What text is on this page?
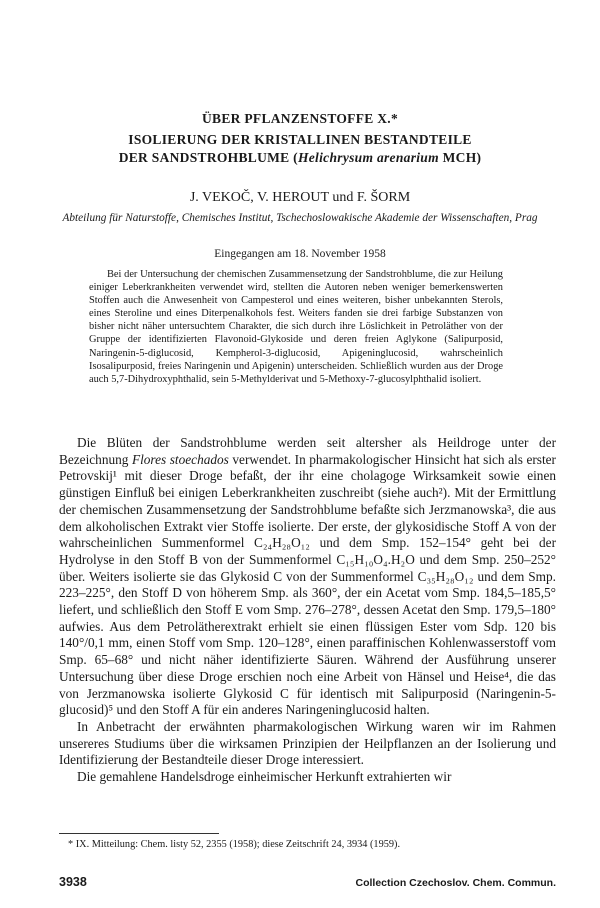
ÜBER PFLANZENSTOFFE X.*
ISOLIERUNG DER KRISTALLINEN BESTANDTEILE
DER SANDSTROHBLUME (Helichrysum arenarium MCH)
J. VEKOČ, V. HEROUT und F. ŠORM
Abteilung für Naturstoffe, Chemisches Institut, Tschechoslowakische Akademie der Wissenschaften, Prag
Eingegangen am 18. November 1958
Bei der Untersuchung der chemischen Zusammensetzung der Sandstrohblume, die zur Heilung einiger Leberkrankheiten verwendet wird, stellten die Autoren neben weniger bemerkenswerten Stoffen auch die Anwesenheit von Campesterol und eines weiteren, bisher unbekannten Sterols, eines Steroline und eines Diterpenalkohols fest. Weiters fanden sie drei farbige Substanzen von bisher nicht näher untersuchtem Charakter, die sich durch ihre Löslichkeit in Petroläther von der Gruppe der identifizierten Flavonoid-Glykoside und deren freien Aglykone (Salipurposid, Naringenin-5-diglucosid, Kempherol-3-diglucosid, Apigeninglucosid, wahrscheinlich Isosalipurposid, freies Naringenin und Apigenin) unterscheiden. Schließlich wurden aus der Droge auch 5,7-Dihydroxyphthalid, sein 5-Methylderivat und 5-Methoxy-7-glucosylphthalid isoliert.

Die Blüten der Sandstrohblume werden seit altersher als Heildroge unter der Bezeichnung Flores stoechados verwendet. In pharmakologischer Hinsicht hat sich als erster Petrovskij¹ mit dieser Droge befaßt, der ihr eine cholagoge Wirksamkeit sowie einen günstigen Einfluß bei einigen Leberkrankheiten zuschreibt (siehe auch²). Mit der Ermittlung der chemischen Zusammensetzung der Sandstrohblume befaßte sich Jerzmanowska³, die aus dem alkoholischen Extrakt vier Stoffe isolierte. Der erste, der glykosidische Stoff A von der wahrscheinlichen Summenformel C₂₄H₂₈O₁₂ und dem Smp. 152–154° geht bei der Hydrolyse in den Stoff B von der Summenformel C₁₅H₁₀O₄.H₂O und dem Smp. 250–252° über. Weiters isolierte sie das Glykosid C von der Summenformel C₃₅H₂₈O₁₂ und dem Smp. 223–225°, den Stoff D von höherem Smp. als 360°, der ein Acetat vom Smp. 184,5–185,5° liefert, und schließlich den Stoff E vom Smp. 276–278°, dessen Acetat den Smp. 179,5–180° aufwies. Aus dem Petrolätherextrakt erhielt sie einen flüssigen Ester vom Sdp. 120 bis 140°/0,1 mm, einen Stoff vom Smp. 120–128°, einen paraffinischen Kohlenwasserstoff vom Smp. 65–68° und nicht näher identifizierte Säuren. Während der Ausführung unserer Untersuchung über diese Droge erschien noch eine Arbeit von Hänsel und Heise⁴, die das von Jerzmanowska isolierte Glykosid C für identisch mit Salipurposid (Naringenin-5-glucosid)⁵ und den Stoff A für ein anderes Naringeninglucosid halten.

In Anbetracht der erwähnten pharmakologischen Wirkung waren wir im Rahmen unsereres Studiums über die wirksamen Prinzipien der Heilpflanzen an der Isolierung und Identifizierung der Bestandteile dieser Droge interessiert.

Die gemahlene Handelsdroge einheimischer Herkunft extrahierten wir

* IX. Mitteilung: Chem. listy 52, 2355 (1958); diese Zeitschrift 24, 3934 (1959).
3938	Collection Czechoslov. Chem. Commun.
